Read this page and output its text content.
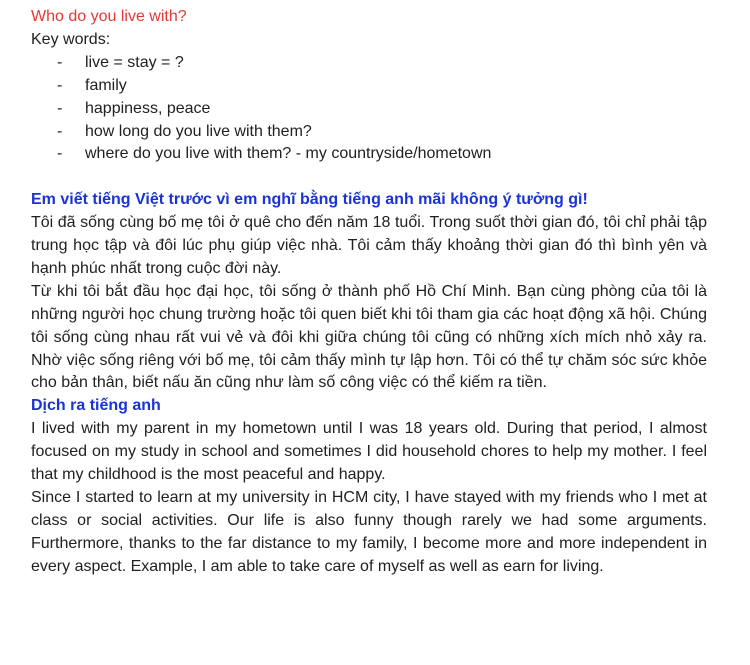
Who do you live with?
Key words:
- live = stay = ?
- family
- happiness, peace
- how long do you live with them?
- where do you live with them? - my countryside/hometown
Em viết tiếng Việt trước vì em nghĩ bằng tiếng anh mãi không ý tưởng gì!
Tôi đã sống cùng bố mẹ tôi ở quê cho đến năm 18 tuổi. Trong suốt thời gian đó, tôi chỉ phải tập trung học tập và đôi lúc phụ giúp việc nhà. Tôi cảm thấy khoảng thời gian đó thì bình yên và hạnh phúc nhất trong cuộc đời này.
Từ khi tôi bắt đầu học đại học, tôi sống ở thành phố Hồ Chí Minh. Bạn cùng phòng của tôi là những người học chung trường hoặc tôi quen biết khi tôi tham gia các hoạt động xã hội. Chúng tôi sống cùng nhau rất vui vẻ và đôi khi giữa chúng tôi cũng có những xích mích nhỏ xảy ra. Nhờ việc sống riêng với bố mẹ, tôi cảm thấy mình tự lập hơn. Tôi có thể tự chăm sóc sức khỏe cho bản thân, biết nấu ăn cũng như làm số công việc có thể kiếm ra tiền.
Dịch ra tiếng anh
I lived with my parent in my hometown until I was 18 years old. During that period, I almost focused on my study in school and sometimes I did household chores to help my mother. I feel that my childhood is the most peaceful and happy.
Since I started to learn at my university in HCM city, I have stayed with my friends who I met at class or social activities. Our life is also funny though rarely we had some arguments. Furthermore, thanks to the far distance to my family, I become more and more independent in every aspect. Example, I am able to take care of myself as well as earn for living.
